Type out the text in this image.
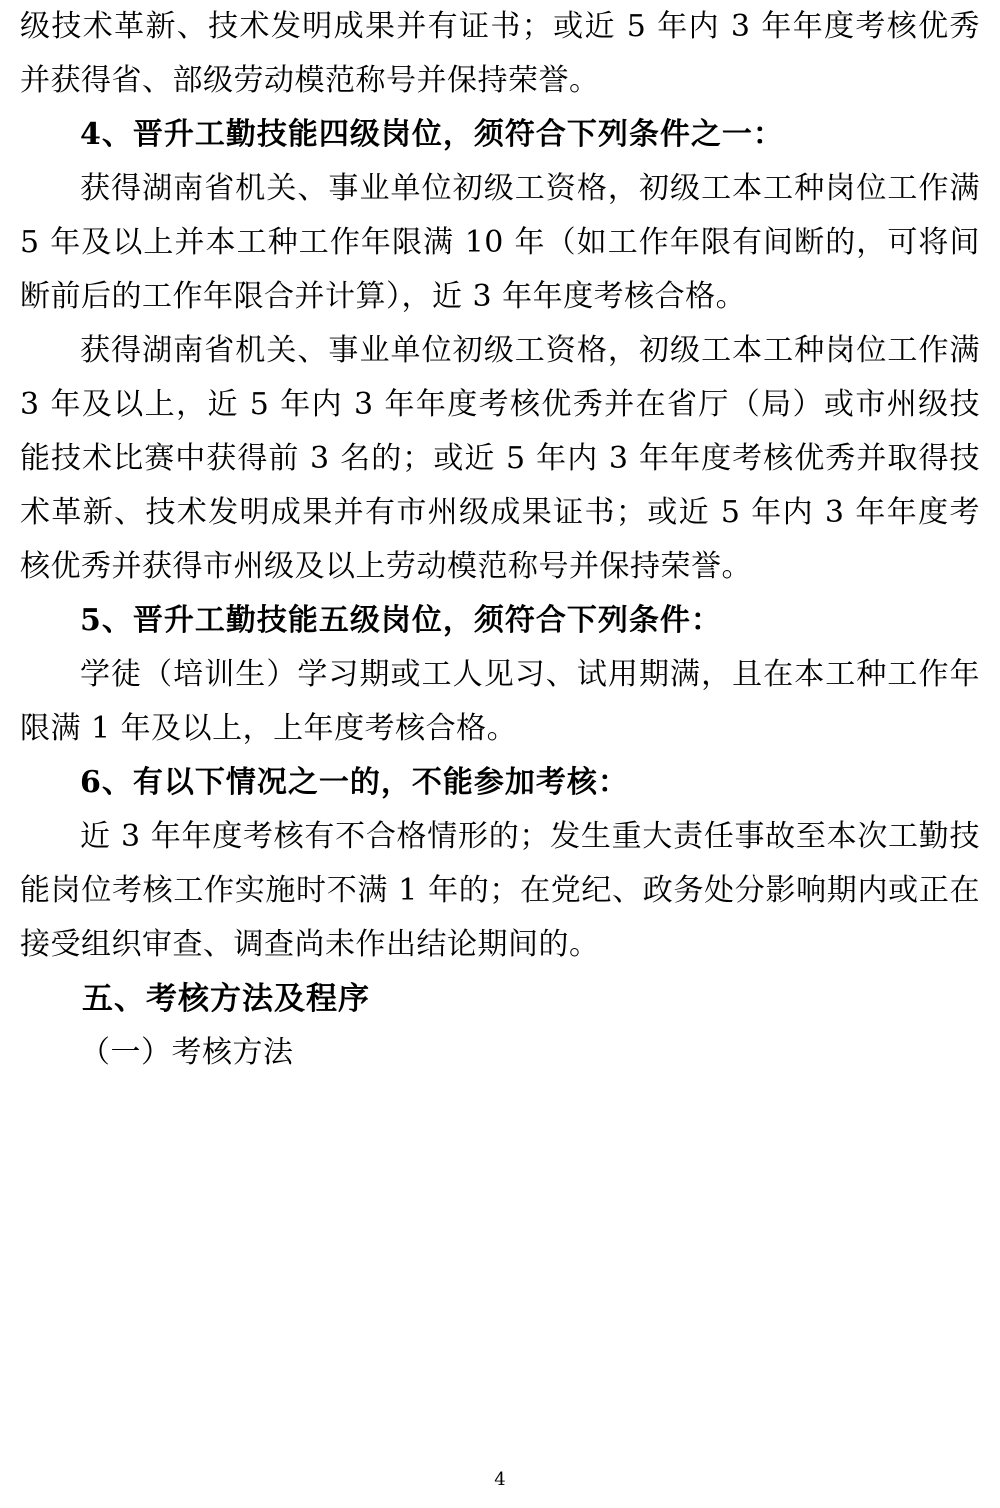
级技术革新、技术发明成果并有证书；或近 5 年内 3 年年度考核优秀并获得省、部级劳动模范称号并保持荣誉。

4、晋升工勤技能四级岗位，须符合下列条件之一：

获得湖南省机关、事业单位初级工资格，初级工本工种岗位工作满 5 年及以上并本工种工作年限满 10 年（如工作年限有间断的，可将间断前后的工作年限合并计算），近 3 年年度考核合格。

获得湖南省机关、事业单位初级工资格，初级工本工种岗位工作满 3 年及以上，近 5 年内 3 年年度考核优秀并在省厅（局）或市州级技能技术比赛中获得前 3 名的；或近 5 年内 3 年年度考核优秀并取得技术革新、技术发明成果并有市州级成果证书；或近 5 年内 3 年年度考核优秀并获得市州级及以上劳动模范称号并保持荣誉。

5、晋升工勤技能五级岗位，须符合下列条件：

学徒（培训生）学习期或工人见习、试用期满，且在本工种工作年限满 1 年及以上，上年度考核合格。

6、有以下情况之一的，不能参加考核：

近 3 年年度考核有不合格情形的；发生重大责任事故至本次工勤技能岗位考核工作实施时不满 1 年的；在党纪、政务处分影响期内或正在接受组织审查、调查尚未作出结论期间的。

五、考核方法及程序

（一）考核方法

4
